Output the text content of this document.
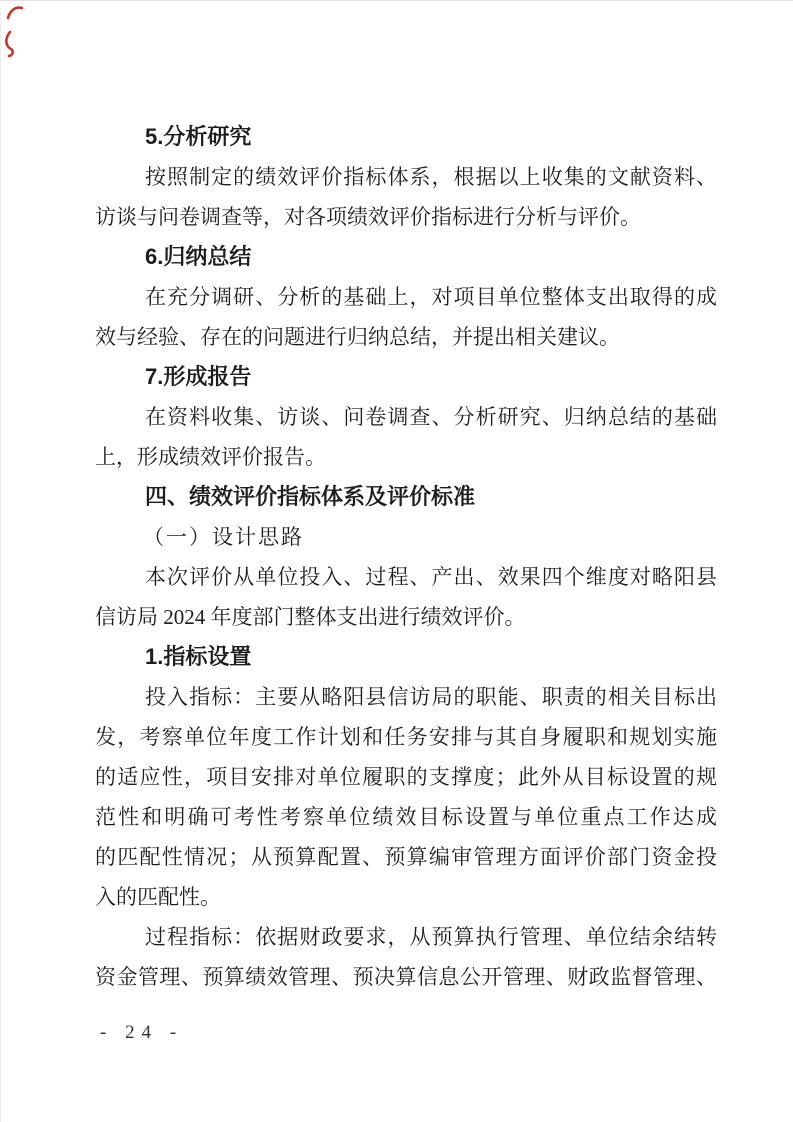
5.分析研究
按照制定的绩效评价指标体系，根据以上收集的文献资料、
访谈与问卷调查等，对各项绩效评价指标进行分析与评价。
6.归纳总结
在充分调研、分析的基础上，对项目单位整体支出取得的成
效与经验、存在的问题进行归纳总结，并提出相关建议。
7.形成报告
在资料收集、访谈、问卷调查、分析研究、归纳总结的基础
上，形成绩效评价报告。
四、绩效评价指标体系及评价标准
（一）设计思路
本次评价从单位投入、过程、产出、效果四个维度对略阳县
信访局 2024 年度部门整体支出进行绩效评价。
1.指标设置
投入指标：主要从略阳县信访局的职能、职责的相关目标出
发，考察单位年度工作计划和任务安排与其自身履职和规划实施
的适应性，项目安排对单位履职的支撑度；此外从目标设置的规
范性和明确可考性考察单位绩效目标设置与单位重点工作达成
的匹配性情况；从预算配置、预算编审管理方面评价部门资金投
入的匹配性。
过程指标：依据财政要求，从预算执行管理、单位结余结转
资金管理、预算绩效管理、预决算信息公开管理、财政监督管理、
- 24 -
